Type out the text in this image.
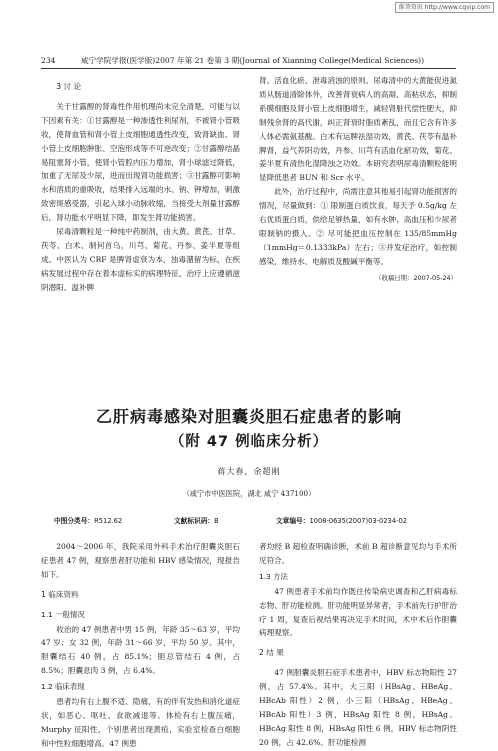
维普资讯 http://www.cqvip.com
234	咸宁学院学报(医学版)2007 年第 21 卷第 3 期(Journal of Xianning College(Medical Sciences))
3 讨 论

关于甘露醇的肾毒性作用机理尚未完全清楚，可能与以下因素有关：①甘露醇是一种渗透性利尿剂，不被肾小管吸收，使肾血管和肾小管上皮细胞通透性改变，致肾缺血、肾小管上皮细胞肿胀、空泡形成等不可逆改变；②甘露醇结晶易阻塞肾小管，使肾小管腔内压力增加，肾小球滤过降低，加重了无尿及少尿，进而出现肾功能损害；③甘露醇可影响水和溶质的重吸收，结果排入远端的水、钠、钾增加，刺激致密斑感受器，引起入球小动脉收缩，当接受大剂量甘露醇后，肾功能水平明显下降，即发生肾功能损害。

尿毒清颗粒是一种纯中药制剂，由大黄、黄芪、甘草、茯苓、白术、制何首乌、川芎、菊花、丹参、姜半夏等组成。中医认为 CRF 是脾肾虚衰为本，浊毒潴留为标，在疾病发展过程中存在着本虚标实的病理特征，治疗上应遵循滋阴潜阳、温补脾

肾、活血化瘀、泄毒消浊的原则。尿毒清中的大黄能促进氮质从肠道清除体外，改善肾衰病人的高凝、高粘状态，抑制系膜细胞及肾小管上皮细胞增生，减轻肾脏代偿性肥大，抑制残余肾的高代谢，纠正肾衰时脂质紊乱，而且它含有许多人体必需氨基酸。白术有运脾祛湿功效，黄芪、茯苓有温补脾肾，益气养阴功效，丹参、川芎有活血化瘀功效，菊花、姜半夏有清热化湿降浊之功效。本研究表明尿毒清颗粒能明显降低患者 BUN 和 Scr 水平。

此外，治疗过程中，尚需注意其他易引起肾功能损害的情况，尽量做到：① 限制蛋白质饮食，每天予 0.5g/kg 左右优质蛋白质，供给足够热量，如有水肿、高血压和少尿者限制钠的摄入。② 尽可能把血压控制在 135/85mmHg（1mmHg＝0.1333kPa）左右；③并发症治疗，如控制感染，维持水、电解质及酸碱平衡等。

（收稿日期：2007-05-24）
乙肝病毒感染对胆囊炎胆石症患者的影响
（附 47 例临床分析）
蒋大春，余超刚
（咸宁市中医医院，湖北 咸宁 437100）
中图分类号：R512.62	文献标识码：B	文章编号：1008-0635(2007)03-0234-02

2004～2006 年，我院采用外科手术治疗胆囊炎胆石症患者 47 例，观察患者肝功能和 HBV 感染情况，现报告如下。

1 临床资料
1.1 一般情况

收治的 47 例患者中男 15 例，年龄 35～63 岁，平均 47 岁；女 32 例，年龄 31～66 岁，平均 50 岁。其中，胆囊结石 40 例，占 85.1%；胆总管结石 4 例，占 8.5%；胆囊息肉 3 例，占 6.4%。

1.2 临床表现

患者均有右上腹不适、隐痛，有的伴有发热和消化道症状，如恶心、呕吐、食欲减退等。体检有右上腹压痛，Murphy 征阳性，个别患者出现黄疸，实验室检查白细胞和中性粒细胞增高。47 例患

者均经 B 超检查明确诊断，术前 B 超诊断意见均与手术所见符合。

1.3 方法

47 例患者手术前均作既往传染病史调查和乙肝病毒标志物、肝功能检测。肝功能明显异常者，手术前先行护肝治疗 1 周，复查后视结果再决定手术时间，术中术后作胆囊病理观察。

2 结 果

47 例胆囊炎胆石症手术患者中，HBV 标志物阳性 27 例，占 57.4%。其中，大三阳（HBsAg、HBeAg、HBcAb 阳性）2 例，小三阳（HBsAg、HBeAg、HBcAb 阳性）3 例，HBsAg 阳性 8 例，HBsAg、HBcAg 阳性 8 例，HBsAg 阳性 6 例，HBV 标志物阴性 20 例，占 42.6%。肝功能检测
